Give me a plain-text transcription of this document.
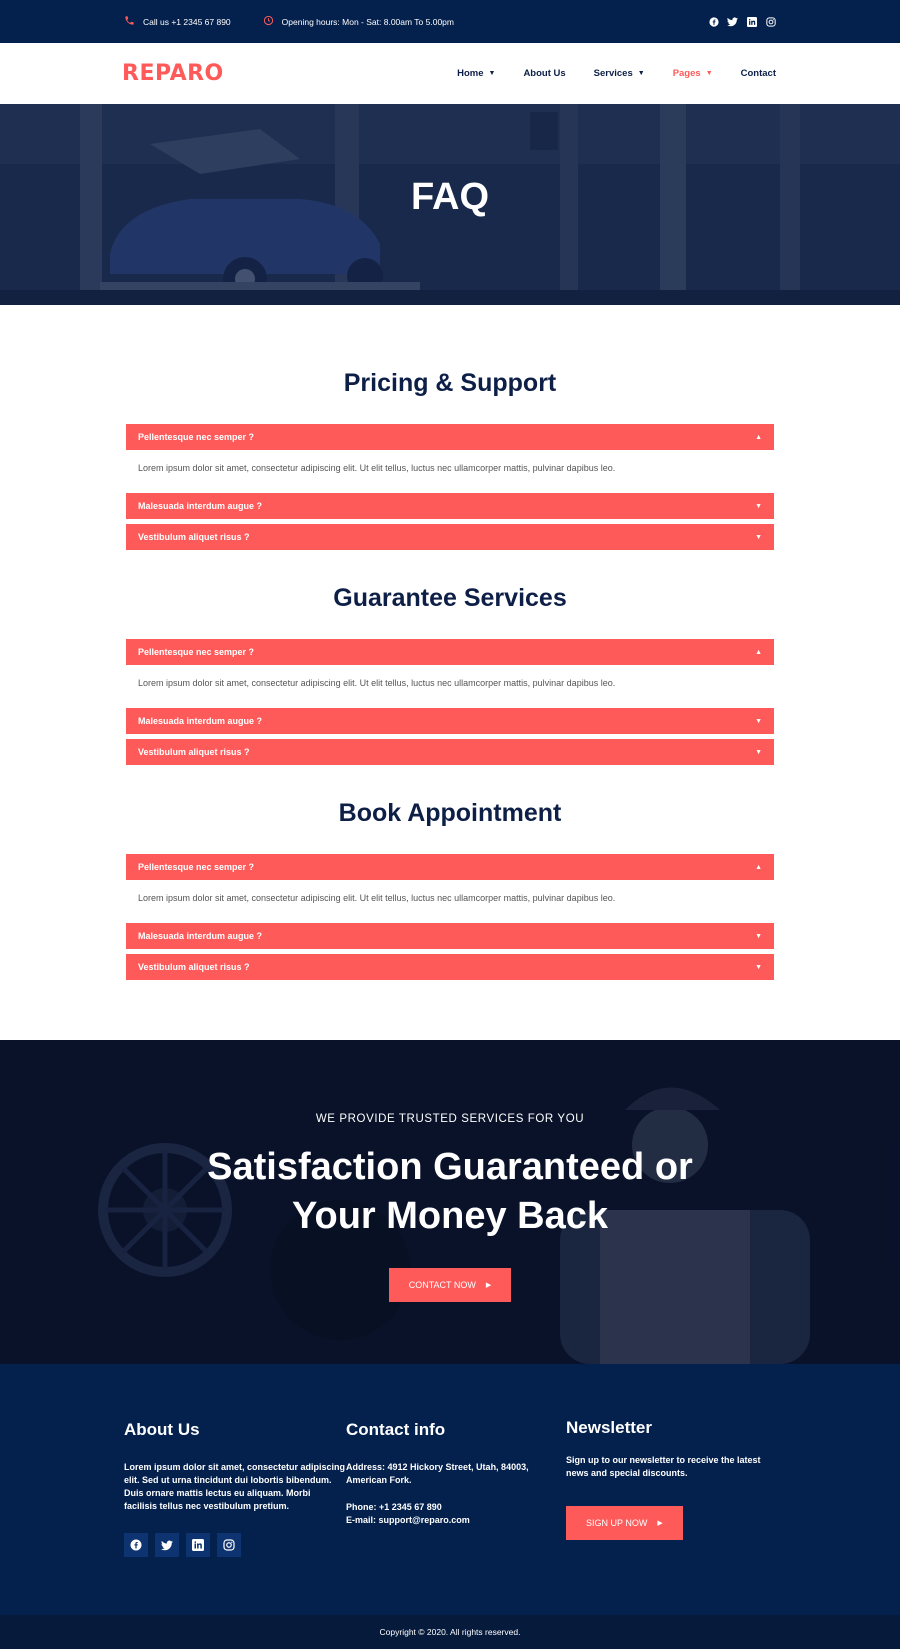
Call us +1 2345 67 890	Opening hours: Mon - Sat: 8.00am To 5.00pm
REPARO	Home ▼	About Us	Services ▼	Pages ▼	Contact
FAQ
Pricing & Support
Pellentesque nec semper ?	▲
Lorem ipsum dolor sit amet, consectetur adipiscing elit. Ut elit tellus, luctus nec ullamcorper mattis, pulvinar dapibus leo.
Malesuada interdum augue ?	▼
Vestibulum aliquet risus ?	▼
Guarantee Services
Pellentesque nec semper ?	▲
Lorem ipsum dolor sit amet, consectetur adipiscing elit. Ut elit tellus, luctus nec ullamcorper mattis, pulvinar dapibus leo.
Malesuada interdum augue ?	▼
Vestibulum aliquet risus ?	▼
Book Appointment
Pellentesque nec semper ?	▲
Lorem ipsum dolor sit amet, consectetur adipiscing elit. Ut elit tellus, luctus nec ullamcorper mattis, pulvinar dapibus leo.
Malesuada interdum augue ?	▼
Vestibulum aliquet risus ?	▼
WE PROVIDE TRUSTED SERVICES FOR YOU
Satisfaction Guaranteed or
Your Money Back
CONTACT NOW ▶
About Us

Lorem ipsum dolor sit amet, consectetur adipiscing elit. Sed ut urna tincidunt dui lobortis bibendum. Duis ornare mattis lectus eu aliquam. Morbi facilisis tellus nec vestibulum pretium.

Contact info

Address: 4912 Hickory Street, Utah, 84003, American Fork.

Phone: +1 2345 67 890

E-mail: support@reparo.com

Newsletter

Sign up to our newsletter to receive the latest news and special discounts.

SIGN UP NOW ▶
Copyright © 2020. All rights reserved.
